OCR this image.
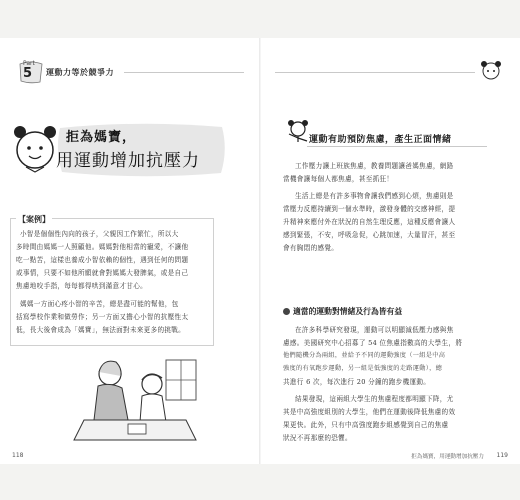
Part
5 運動力等於競爭力
拒為媽寶，
用運動增加抗壓力
【案例】
小智是個個性內向的孩子，父親因工作繁忙，所以大
多時間由媽媽一人照顧他。媽媽對他相當的寵愛，不讓他
吃一點苦，這樣也養成小智依賴的個性，遇到任何的問題
或事情，只要不如他所願就會對媽媽大發脾氣，或是自己
焦慮地咬手指，每每都得哄到滿意才甘心。
媽媽一方面心疼小智的辛苦，總是盡可能的幫他，包
括寫學校作業和做勞作；另一方面又擔心小智的抗壓性太
低，長大後會成為「媽寶」，無法面對未來更多的挑戰。
118
運動有助預防焦慮，產生正面情緒
工作壓力讓上班族焦慮，教養問題讓爸媽焦慮，網路
當機會讓每個人都焦慮，甚至抓狂！
生活上總是有許多事物會讓我們感到心煩，焦慮則是
當壓力反應持續到一個水準時，激發身體的交感神經，提
升精神來應付外在狀況的自然生理反應，這種反應會讓人
感到緊張，不安，呼吸急促，心跳加速，大量冒汗，甚至
會有胸悶的感覺。
適當的運動對情緒及行為皆有益
在許多科學研究發現，運動可以明顯減低壓力感與焦
慮感。美國研究中心招募了 54 位焦慮指數高的大學生，將
他們隨機分為兩組，並給予不同的運動強度（一組是中高
強度的有氧跑步運動，另一組是低強度的走路運動），總
共進行 6 次，每次進行 20 分鐘的跑步機運動。
結果發現，這兩組大學生的焦慮程度都明顯下降，尤
其是中高強度組別的大學生，他們在運動後降低焦慮的效
果更快。此外，只有中高強度跑步組感覺到自己的焦慮
狀況不再那麼的恐懼。
拒為媽寶，用運動增加抗壓力 119
